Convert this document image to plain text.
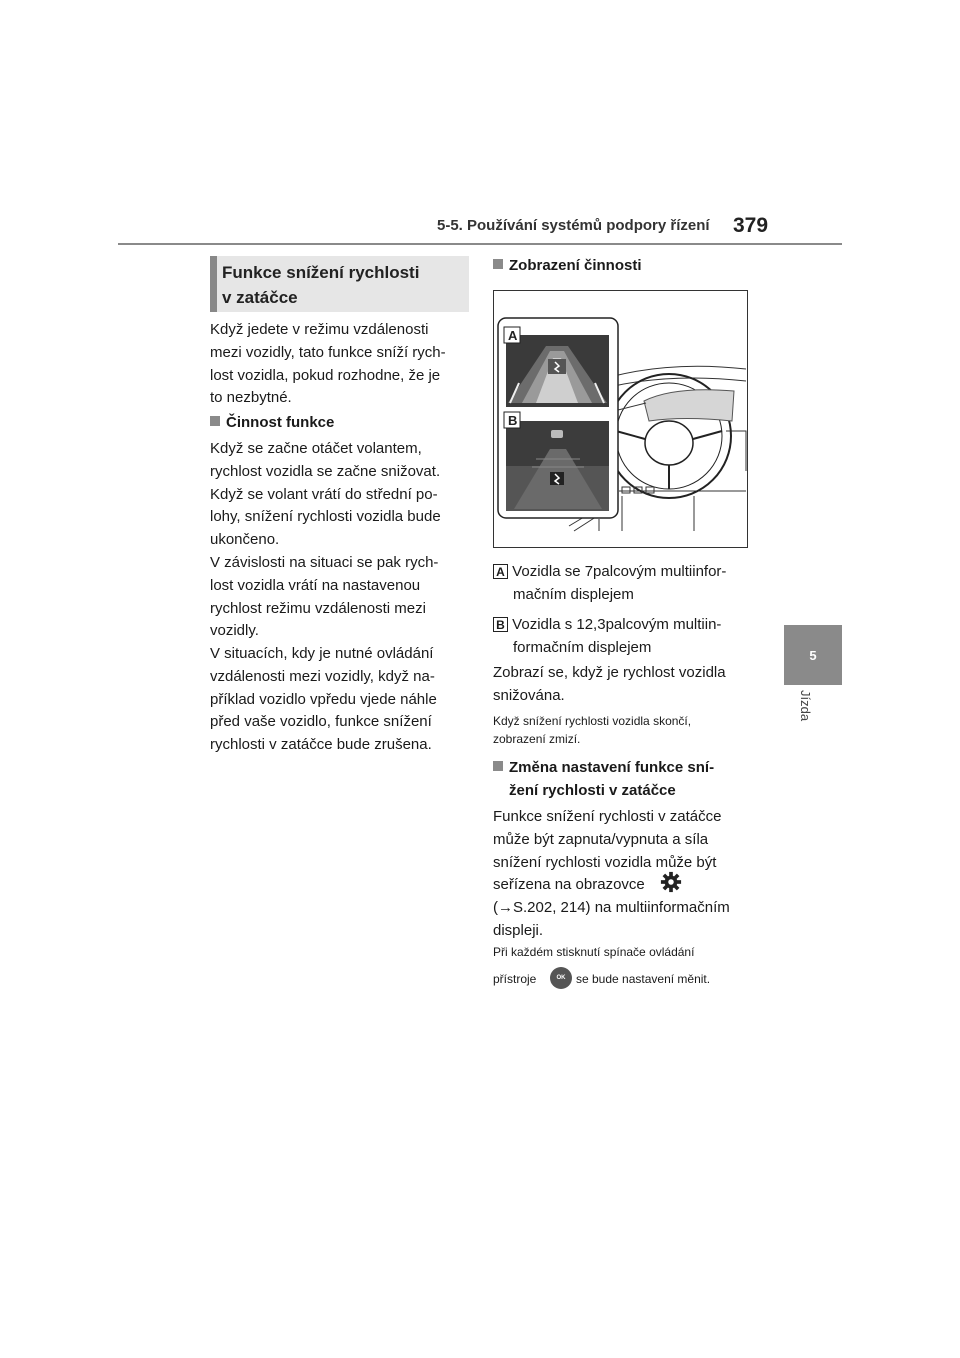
5-5. Používání systémů podpory řízení 379
5
Jízda
Funkce snížení rychlosti
v zatáčce
Když jedete v režimu vzdálenosti
mezi vozidly, tato funkce sníží rych-
lost vozidla, pokud rozhodne, že je
to nezbytné.
Činnost funkce
Když se začne otáčet volantem,
rychlost vozidla se začne snižovat.
Když se volant vrátí do střední po-
lohy, snížení rychlosti vozidla bude
ukončeno.
V závislosti na situaci se pak rych-
lost vozidla vrátí na nastavenou
rychlost režimu vzdálenosti mezi
vozidly.
V situacích, kdy je nutné ovládání
vzdálenosti mezi vozidly, když na-
příklad vozidlo vpředu vjede náhle
před vaše vozidlo, funkce snížení
rychlosti v zatáčce bude zrušena.
Zobrazení činnosti
A
B
A Vozidla se 7palcovým multiinfor-
mačním displejem
B Vozidla s 12,3palcovým multiin-
formačním displejem
Zobrazí se, když je rychlost vozidla
snižována.
Když snížení rychlosti vozidla skončí,
zobrazení zmizí.
Změna nastavení funkce sní-
žení rychlosti v zatáčce
Funkce snížení rychlosti v zatáčce
může být zapnuta/vypnuta a síla
snížení rychlosti vozidla může být
seřízena na obrazovce
(→S.202, 214) na multiinformačním
displeji.
Při každém stisknutí spínače ovládání
přístroje	OK se bude nastavení měnit.
